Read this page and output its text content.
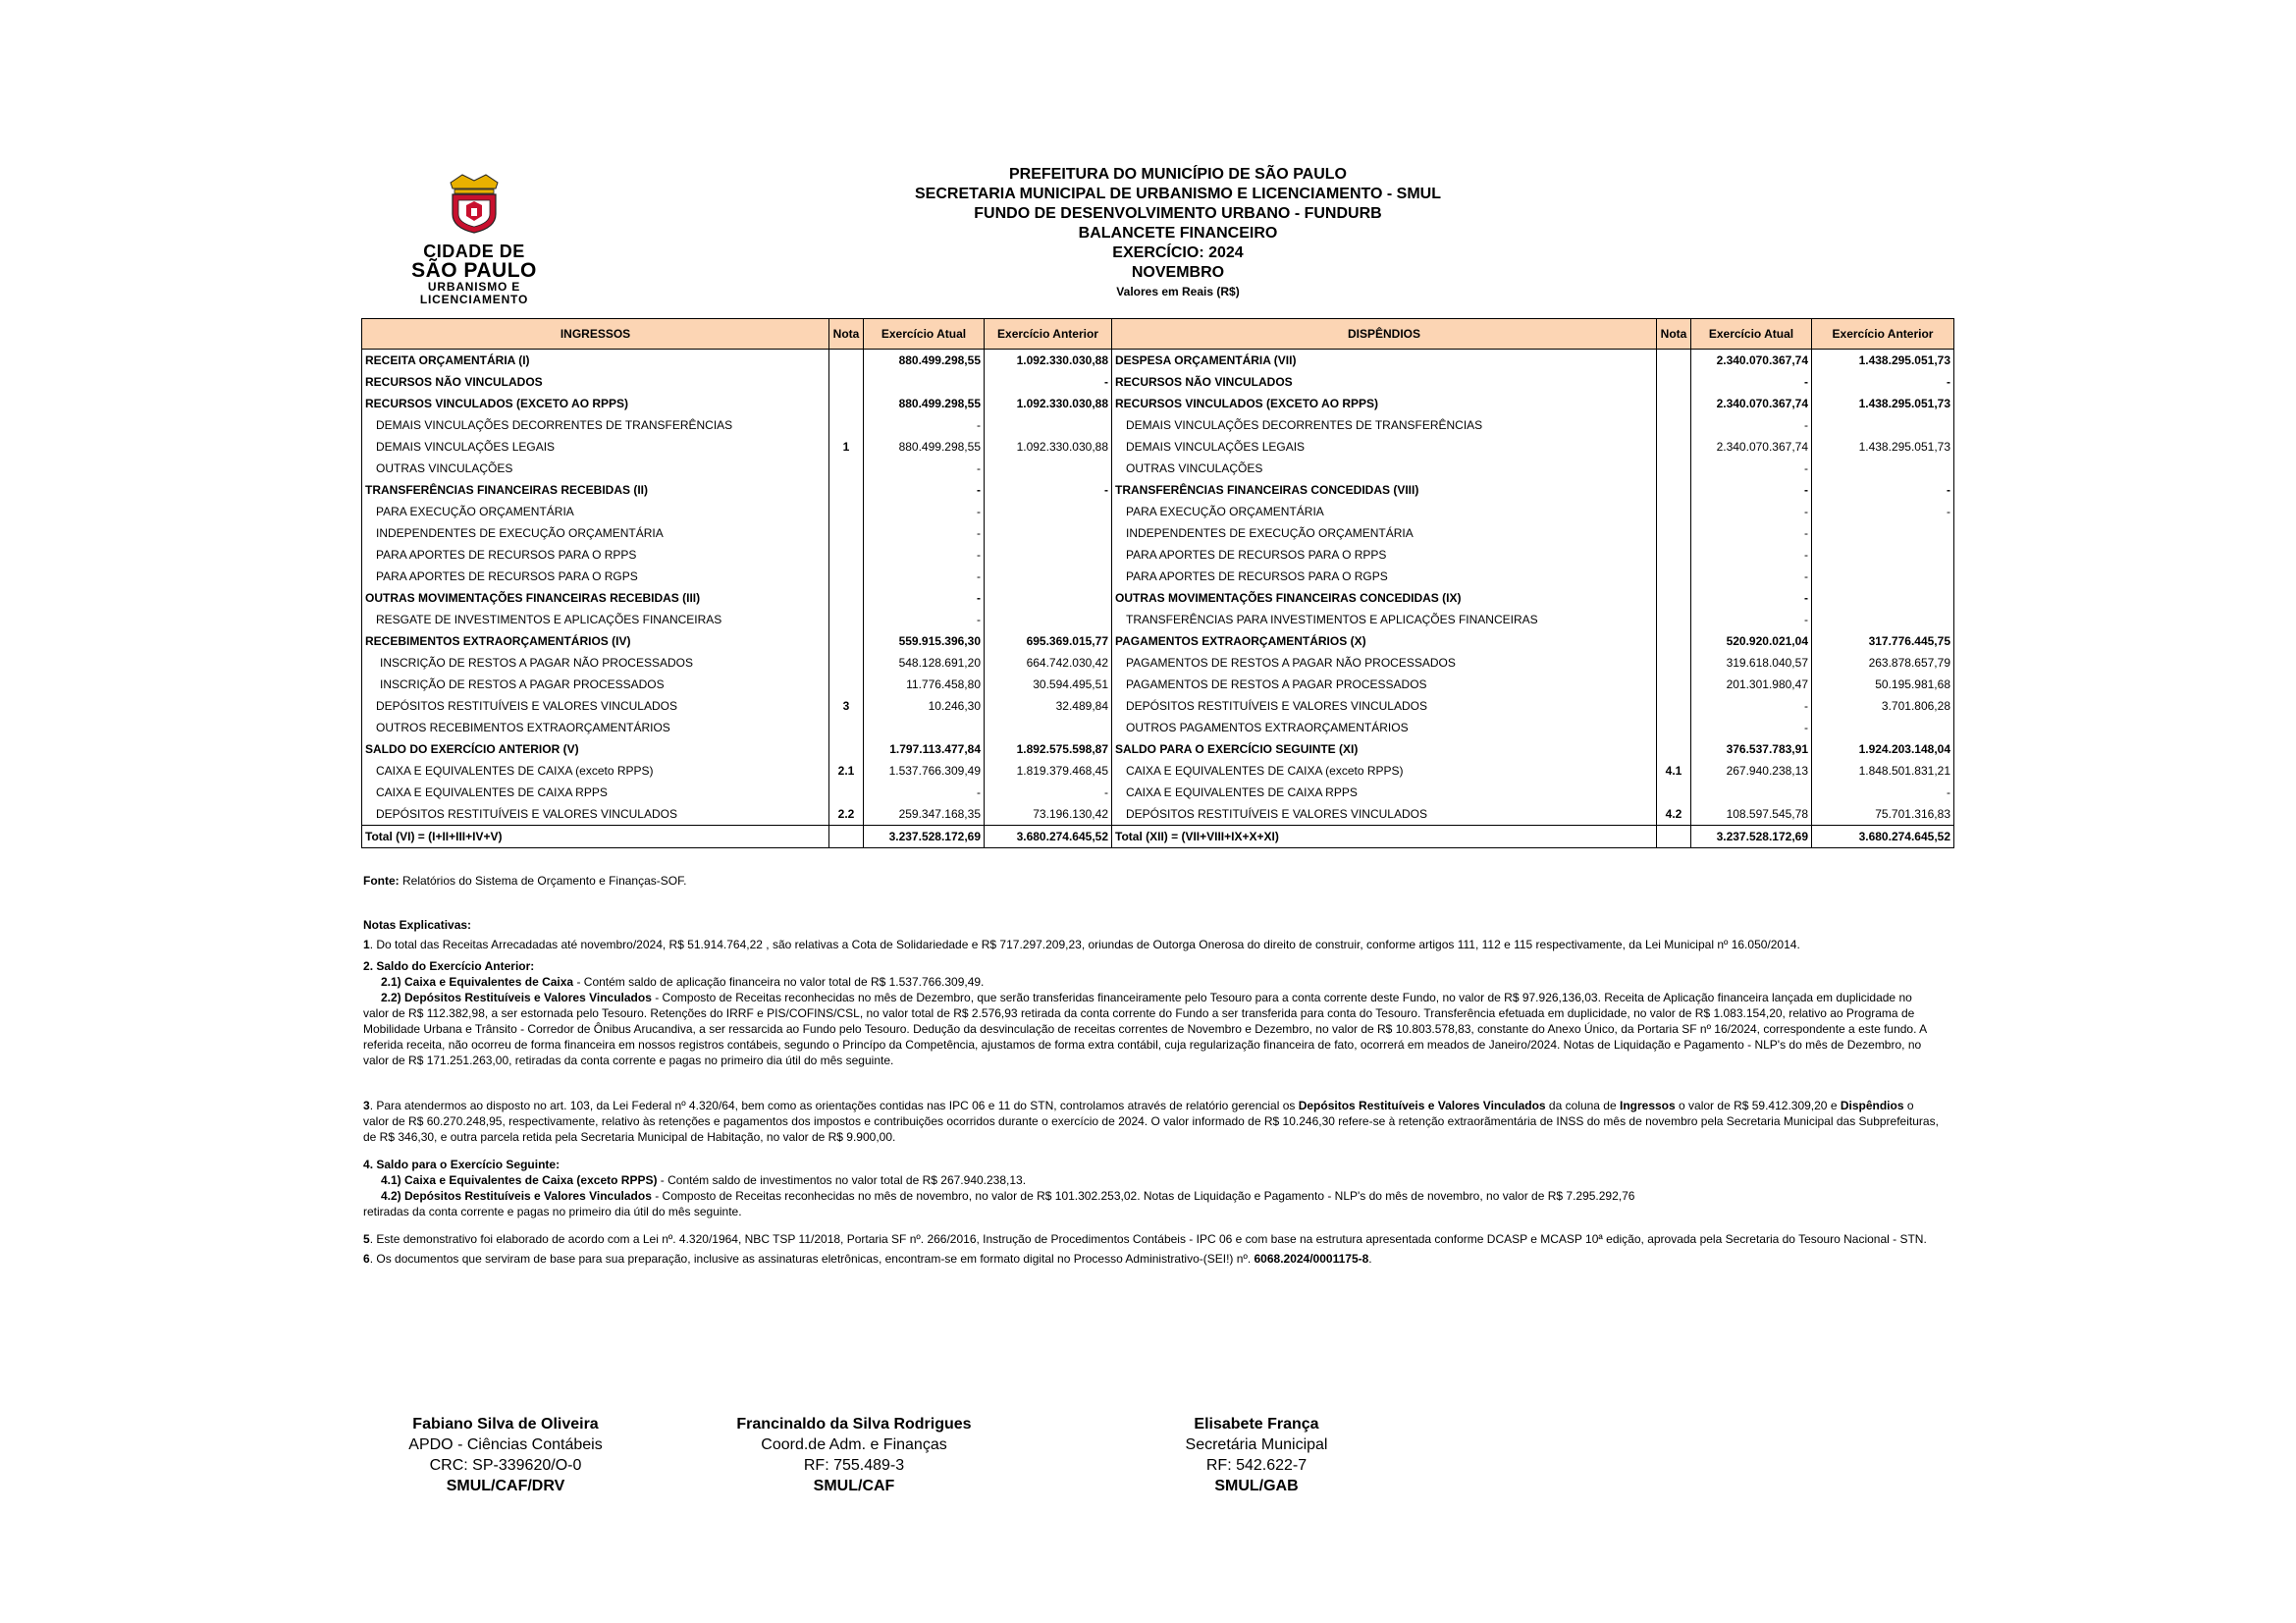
CIDADE DE
SÃO PAULO
URBANISMO E
LICENCIAMENTO
PREFEITURA DO MUNICÍPIO DE SÃO PAULO
SECRETARIA MUNICIPAL DE URBANISMO E LICENCIAMENTO - SMUL
FUNDO DE DESENVOLVIMENTO URBANO - FUNDURB
BALANCETE FINANCEIRO
EXERCÍCIO: 2024
NOVEMBRO
Valores em Reais (R$)
INGRESSOS	Nota	Exercício Atual	Exercício Anterior	DISPÊNDIOS	Nota	Exercício Atual	Exercício Anterior
RECEITA ORÇAMENTÁRIA (I)		880.499.298,55	1.092.330.030,88	DESPESA ORÇAMENTÁRIA (VII)		2.340.070.367,74	1.438.295.051,73
RECURSOS NÃO VINCULADOS			-	RECURSOS NÃO VINCULADOS		-	-
RECURSOS VINCULADOS (EXCETO AO RPPS)		880.499.298,55	1.092.330.030,88	RECURSOS VINCULADOS (EXCETO AO RPPS)		2.340.070.367,74	1.438.295.051,73
DEMAIS VINCULAÇÕES DECORRENTES DE TRANSFERÊNCIAS		-		DEMAIS VINCULAÇÕES DECORRENTES DE TRANSFERÊNCIAS		-	
DEMAIS VINCULAÇÕES LEGAIS	1	880.499.298,55	1.092.330.030,88	DEMAIS VINCULAÇÕES LEGAIS		2.340.070.367,74	1.438.295.051,73
OUTRAS VINCULAÇÕES		-		OUTRAS VINCULAÇÕES		-	
TRANSFERÊNCIAS FINANCEIRAS RECEBIDAS (II)		-	-	TRANSFERÊNCIAS FINANCEIRAS CONCEDIDAS (VIII)		-	-
PARA EXECUÇÃO ORÇAMENTÁRIA		-		PARA EXECUÇÃO ORÇAMENTÁRIA		-	-
INDEPENDENTES DE EXECUÇÃO ORÇAMENTÁRIA		-		INDEPENDENTES DE EXECUÇÃO ORÇAMENTÁRIA		-	
PARA APORTES DE RECURSOS PARA O RPPS		-		PARA APORTES DE RECURSOS PARA O RPPS		-	
PARA APORTES DE RECURSOS PARA O RGPS		-		PARA APORTES DE RECURSOS PARA O RGPS		-	
OUTRAS MOVIMENTAÇÕES FINANCEIRAS RECEBIDAS (III)		-		OUTRAS MOVIMENTAÇÕES FINANCEIRAS CONCEDIDAS (IX)		-	
RESGATE DE INVESTIMENTOS E APLICAÇÕES FINANCEIRAS		-		TRANSFERÊNCIAS PARA INVESTIMENTOS E APLICAÇÕES FINANCEIRAS		-	
RECEBIMENTOS EXTRAORÇAMENTÁRIOS (IV)		559.915.396,30	695.369.015,77	PAGAMENTOS EXTRAORÇAMENTÁRIOS (X)		520.920.021,04	317.776.445,75
INSCRIÇÃO DE RESTOS A PAGAR NÃO PROCESSADOS		548.128.691,20	664.742.030,42	PAGAMENTOS DE RESTOS A PAGAR NÃO PROCESSADOS		319.618.040,57	263.878.657,79
INSCRIÇÃO DE RESTOS A PAGAR PROCESSADOS		11.776.458,80	30.594.495,51	PAGAMENTOS DE RESTOS A PAGAR PROCESSADOS		201.301.980,47	50.195.981,68
DEPÓSITOS RESTITUÍVEIS E VALORES VINCULADOS	3	10.246,30	32.489,84	DEPÓSITOS RESTITUÍVEIS E VALORES VINCULADOS		-	3.701.806,28
OUTROS RECEBIMENTOS EXTRAORÇAMENTÁRIOS				OUTROS PAGAMENTOS EXTRAORÇAMENTÁRIOS		-	
SALDO DO EXERCÍCIO ANTERIOR (V)		1.797.113.477,84	1.892.575.598,87	SALDO PARA O EXERCÍCIO SEGUINTE (XI)		376.537.783,91	1.924.203.148,04
CAIXA E EQUIVALENTES DE CAIXA (exceto RPPS)	2.1	1.537.766.309,49	1.819.379.468,45	CAIXA E EQUIVALENTES DE CAIXA (exceto RPPS)	4.1	267.940.238,13	1.848.501.831,21
CAIXA E EQUIVALENTES DE CAIXA RPPS		-	-	CAIXA E EQUIVALENTES DE CAIXA RPPS			-
DEPÓSITOS RESTITUÍVEIS E VALORES VINCULADOS	2.2	259.347.168,35	73.196.130,42	DEPÓSITOS RESTITUÍVEIS E VALORES VINCULADOS	4.2	108.597.545,78	75.701.316,83
Total (VI) = (I+II+III+IV+V)		3.237.528.172,69	3.680.274.645,52	Total (XII) = (VII+VIII+IX+X+XI)		3.237.528.172,69	3.680.274.645,52
Fonte: Relatórios do Sistema de Orçamento e Finanças-SOF.

Notas Explicativas:

1. Do total das Receitas Arrecadadas até novembro/2024, R$ 51.914.764,22 , são relativas a Cota de Solidariedade e R$ 717.297.209,23, oriundas de Outorga Onerosa do direito de construir, conforme artigos 111, 112 e 115 respectivamente, da Lei Municipal nº 16.050/2014.

2. Saldo do Exercício Anterior:

2.1) Caixa e Equivalentes de Caixa - Contém saldo de aplicação financeira no valor total de R$ 1.537.766.309,49.

2.2) Depósitos Restituíveis e Valores Vinculados - Composto de Receitas reconhecidas no mês de Dezembro, que serão transferidas financeiramente pelo Tesouro para a conta corrente deste Fundo, no valor de R$ 97.926,136,03. Receita de Aplicação financeira lançada em duplicidade no valor de R$ 112.382,98, a ser estornada pelo Tesouro. Retenções do IRRF e PIS/COFINS/CSL, no valor total de R$ 2.576,93 retirada da conta corrente do Fundo a ser transferida para conta do Tesouro. Transferência efetuada em duplicidade, no valor de R$ 1.083.154,20, relativo ao Programa de Mobilidade Urbana e Trânsito - Corredor de Ônibus Arucandiva, a ser ressarcida ao Fundo pelo Tesouro. Dedução da desvinculação de receitas correntes de Novembro e Dezembro, no valor de R$ 10.803.578,83, constante do Anexo Único, da Portaria SF nº 16/2024, correspondente a este fundo. A referida receita, não ocorreu de forma financeira em nossos registros contábeis, segundo o Princípo da Competência, ajustamos de forma extra contábil, cuja regularização financeira de fato, ocorrerá em meados de Janeiro/2024. Notas de Liquidação e Pagamento - NLP's do mês de Dezembro, no valor de R$ 171.251.263,00, retiradas da conta corrente e pagas no primeiro dia útil do mês seguinte.

3. Para atendermos ao disposto no art. 103, da Lei Federal nº 4.320/64, bem como as orientações contidas nas IPC 06 e 11 do STN, controlamos através de relatório gerencial os Depósitos Restituíveis e Valores Vinculados da coluna de Ingressos o valor de R$ 59.412.309,20 e Dispêndios o valor de R$ 60.270.248,95, respectivamente, relativo às retenções e pagamentos dos impostos e contribuições ocorridos durante o exercício de 2024. O valor informado de R$ 10.246,30 refere-se à retenção extraorãmentária de INSS do mês de novembro pela Secretaria Municipal das Subprefeituras, de R$ 346,30, e outra parcela retida pela Secretaria Municipal de Habitação, no valor de R$ 9.900,00.

4. Saldo para o Exercício Seguinte:

4.1) Caixa e Equivalentes de Caixa (exceto RPPS) - Contém saldo de investimentos no valor total de R$ 267.940.238,13.

4.2) Depósitos Restituíveis e Valores Vinculados - Composto de Receitas reconhecidas no mês de novembro, no valor de R$ 101.302.253,02. Notas de Liquidação e Pagamento - NLP's do mês de novembro, no valor de R$ 7.295.292,76

retiradas da conta corrente e pagas no primeiro dia útil do mês seguinte.

5. Este demonstrativo foi elaborado de acordo com a Lei nº. 4.320/1964, NBC TSP 11/2018, Portaria SF nº. 266/2016, Instrução de Procedimentos Contábeis - IPC 06 e com base na estrutura apresentada conforme DCASP e MCASP 10ª edição, aprovada pela Secretaria do Tesouro Nacional - STN.

6. Os documentos que serviram de base para sua preparação, inclusive as assinaturas eletrônicas, encontram-se em formato digital no Processo Administrativo-(SEI!) nº. 6068.2024/0001175-8.

Fabiano Silva de Oliveira
APDO - Ciências Contábeis
CRC: SP-339620/O-0
SMUL/CAF/DRV
Francinaldo da Silva Rodrigues
Coord.de Adm. e Finanças
RF: 755.489-3
SMUL/CAF
Elisabete França
Secretária Municipal
RF: 542.622-7
SMUL/GAB
